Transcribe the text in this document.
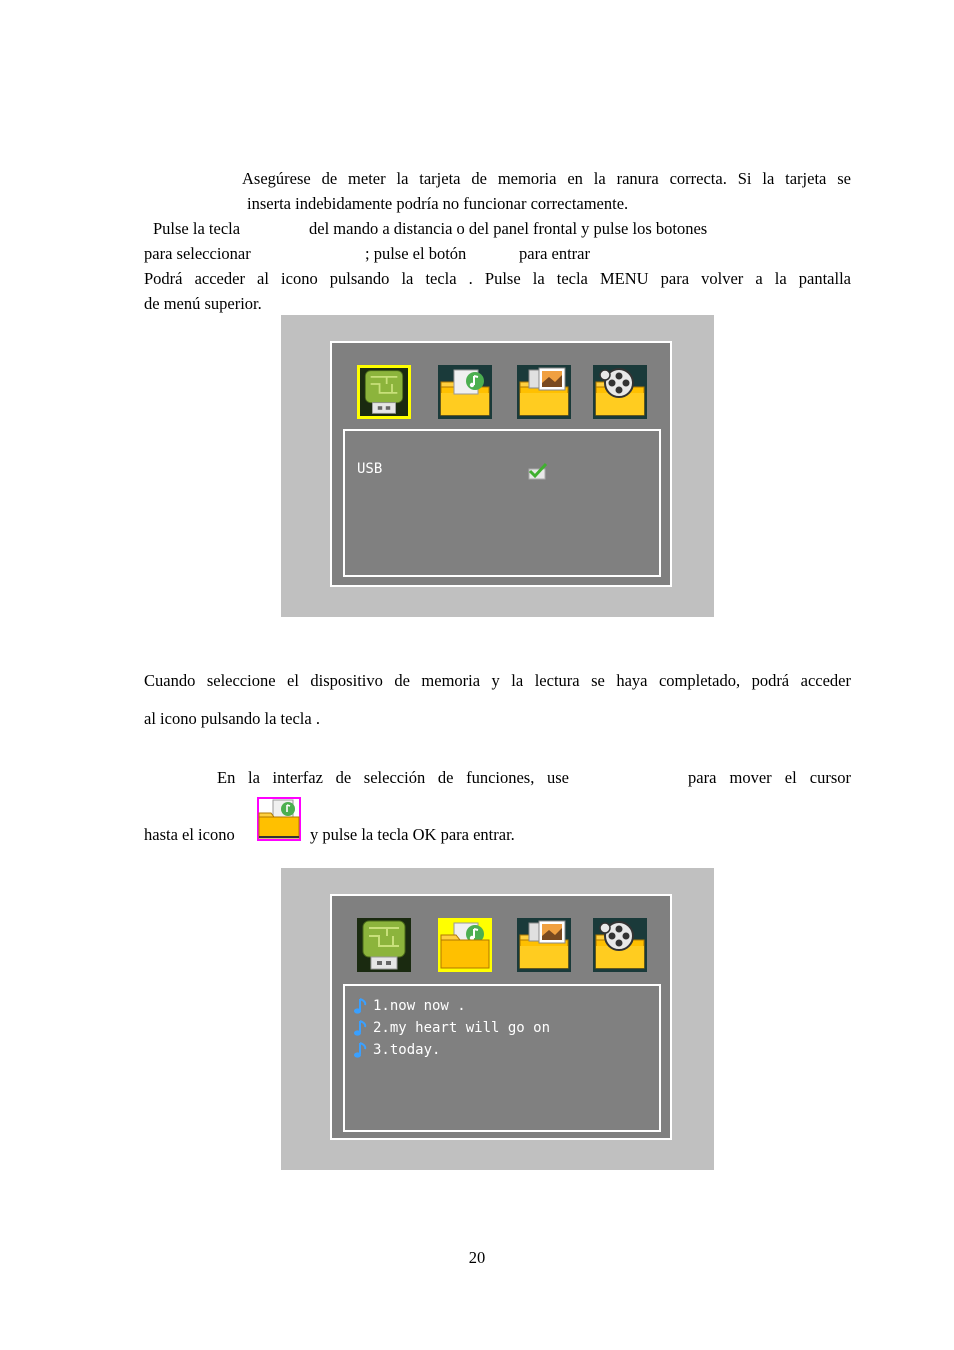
Asegúrese de meter la tarjeta de memoria en la ranura correcta. Si la tarjeta se
inserta indebidamente podría no funcionar correctamente.
Pulse la tecla	del mando a distancia o del panel frontal y pulse los botones
para seleccionar	; pulse el botón	para entrar
Podrá acceder al icono pulsando la tecla . Pulse la tecla MENU para volver a la pantalla
de menú superior.
USB
Cuando seleccione el dispositivo de memoria y la lectura se haya completado, podrá acceder
al icono pulsando la tecla .
En la interfaz de selección de funciones, use	para mover el cursor
hasta el icono	y pulse la tecla OK para entrar.
1.now now .
2.my heart will go on
3.today.
20
